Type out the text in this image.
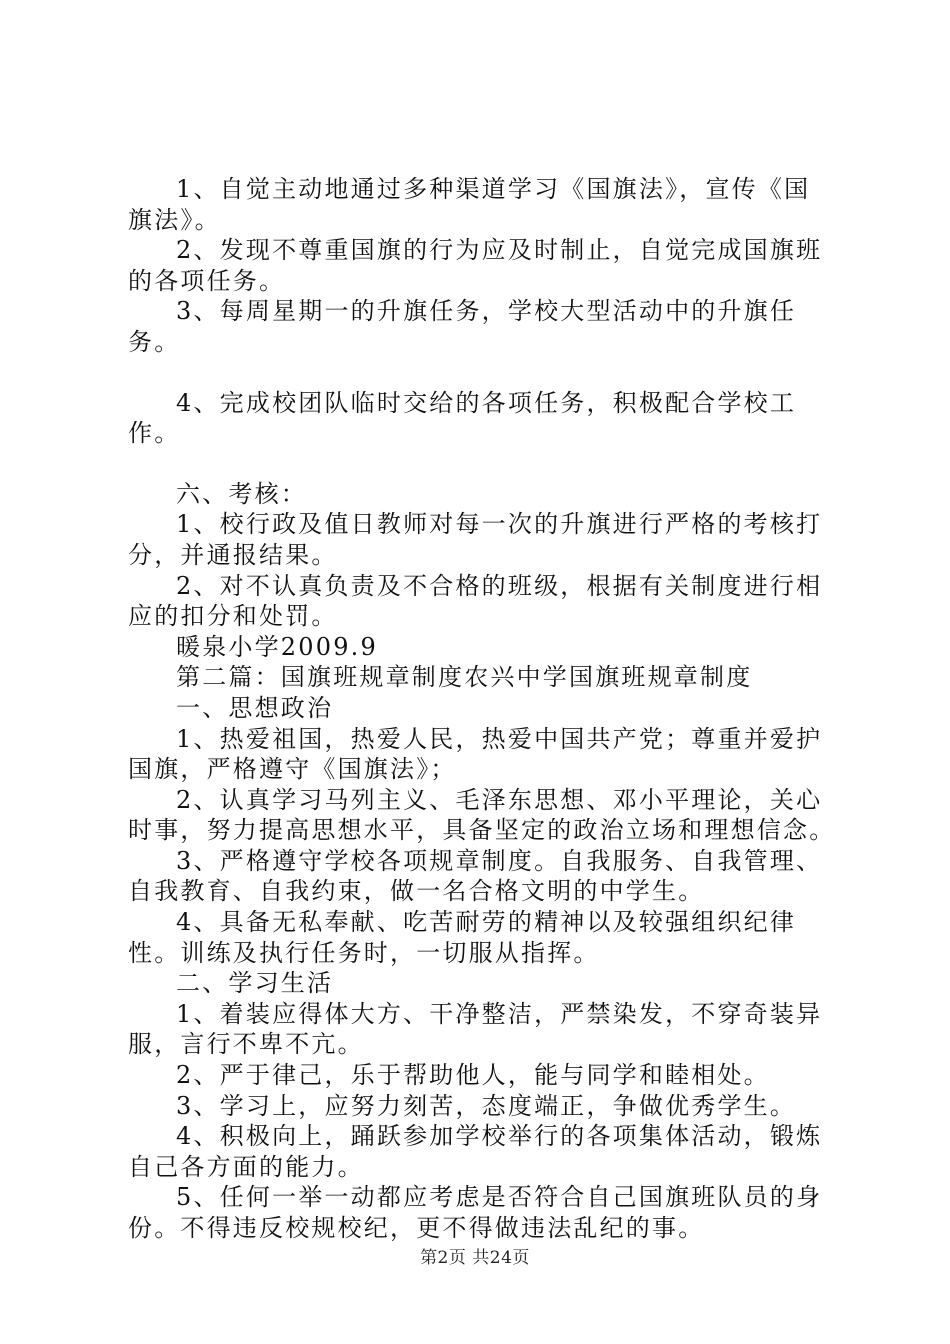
1、自觉主动地通过多种渠道学习《国旗法》，宣传《国旗法》。

2、发现不尊重国旗的行为应及时制止，自觉完成国旗班的各项任务。

3、每周星期一的升旗任务，学校大型活动中的升旗任务。

4、完成校团队临时交给的各项任务，积极配合学校工作。

六、考核：

1、校行政及值日教师对每一次的升旗进行严格的考核打分，并通报结果。

2、对不认真负责及不合格的班级，根据有关制度进行相应的扣分和处罚。

暖泉小学2009.9

第二篇：国旗班规章制度农兴中学国旗班规章制度

一、思想政治

1、热爱祖国，热爱人民，热爱中国共产党；尊重并爱护国旗，严格遵守《国旗法》；

2、认真学习马列主义、毛泽东思想、邓小平理论，关心时事，努力提高思想水平，具备坚定的政治立场和理想信念。

3、严格遵守学校各项规章制度。自我服务、自我管理、自我教育、自我约束，做一名合格文明的中学生。

4、具备无私奉献、吃苦耐劳的精神以及较强组织纪律性。训练及执行任务时，一切服从指挥。

二、学习生活

1、着装应得体大方、干净整洁，严禁染发，不穿奇装异服，言行不卑不亢。

2、严于律己，乐于帮助他人，能与同学和睦相处。

3、学习上，应努力刻苦，态度端正，争做优秀学生。

4、积极向上，踊跃参加学校举行的各项集体活动，锻炼自己各方面的能力。

5、任何一举一动都应考虑是否符合自己国旗班队员的身份。不得违反校规校纪，更不得做违法乱纪的事。

第2页 共24页
